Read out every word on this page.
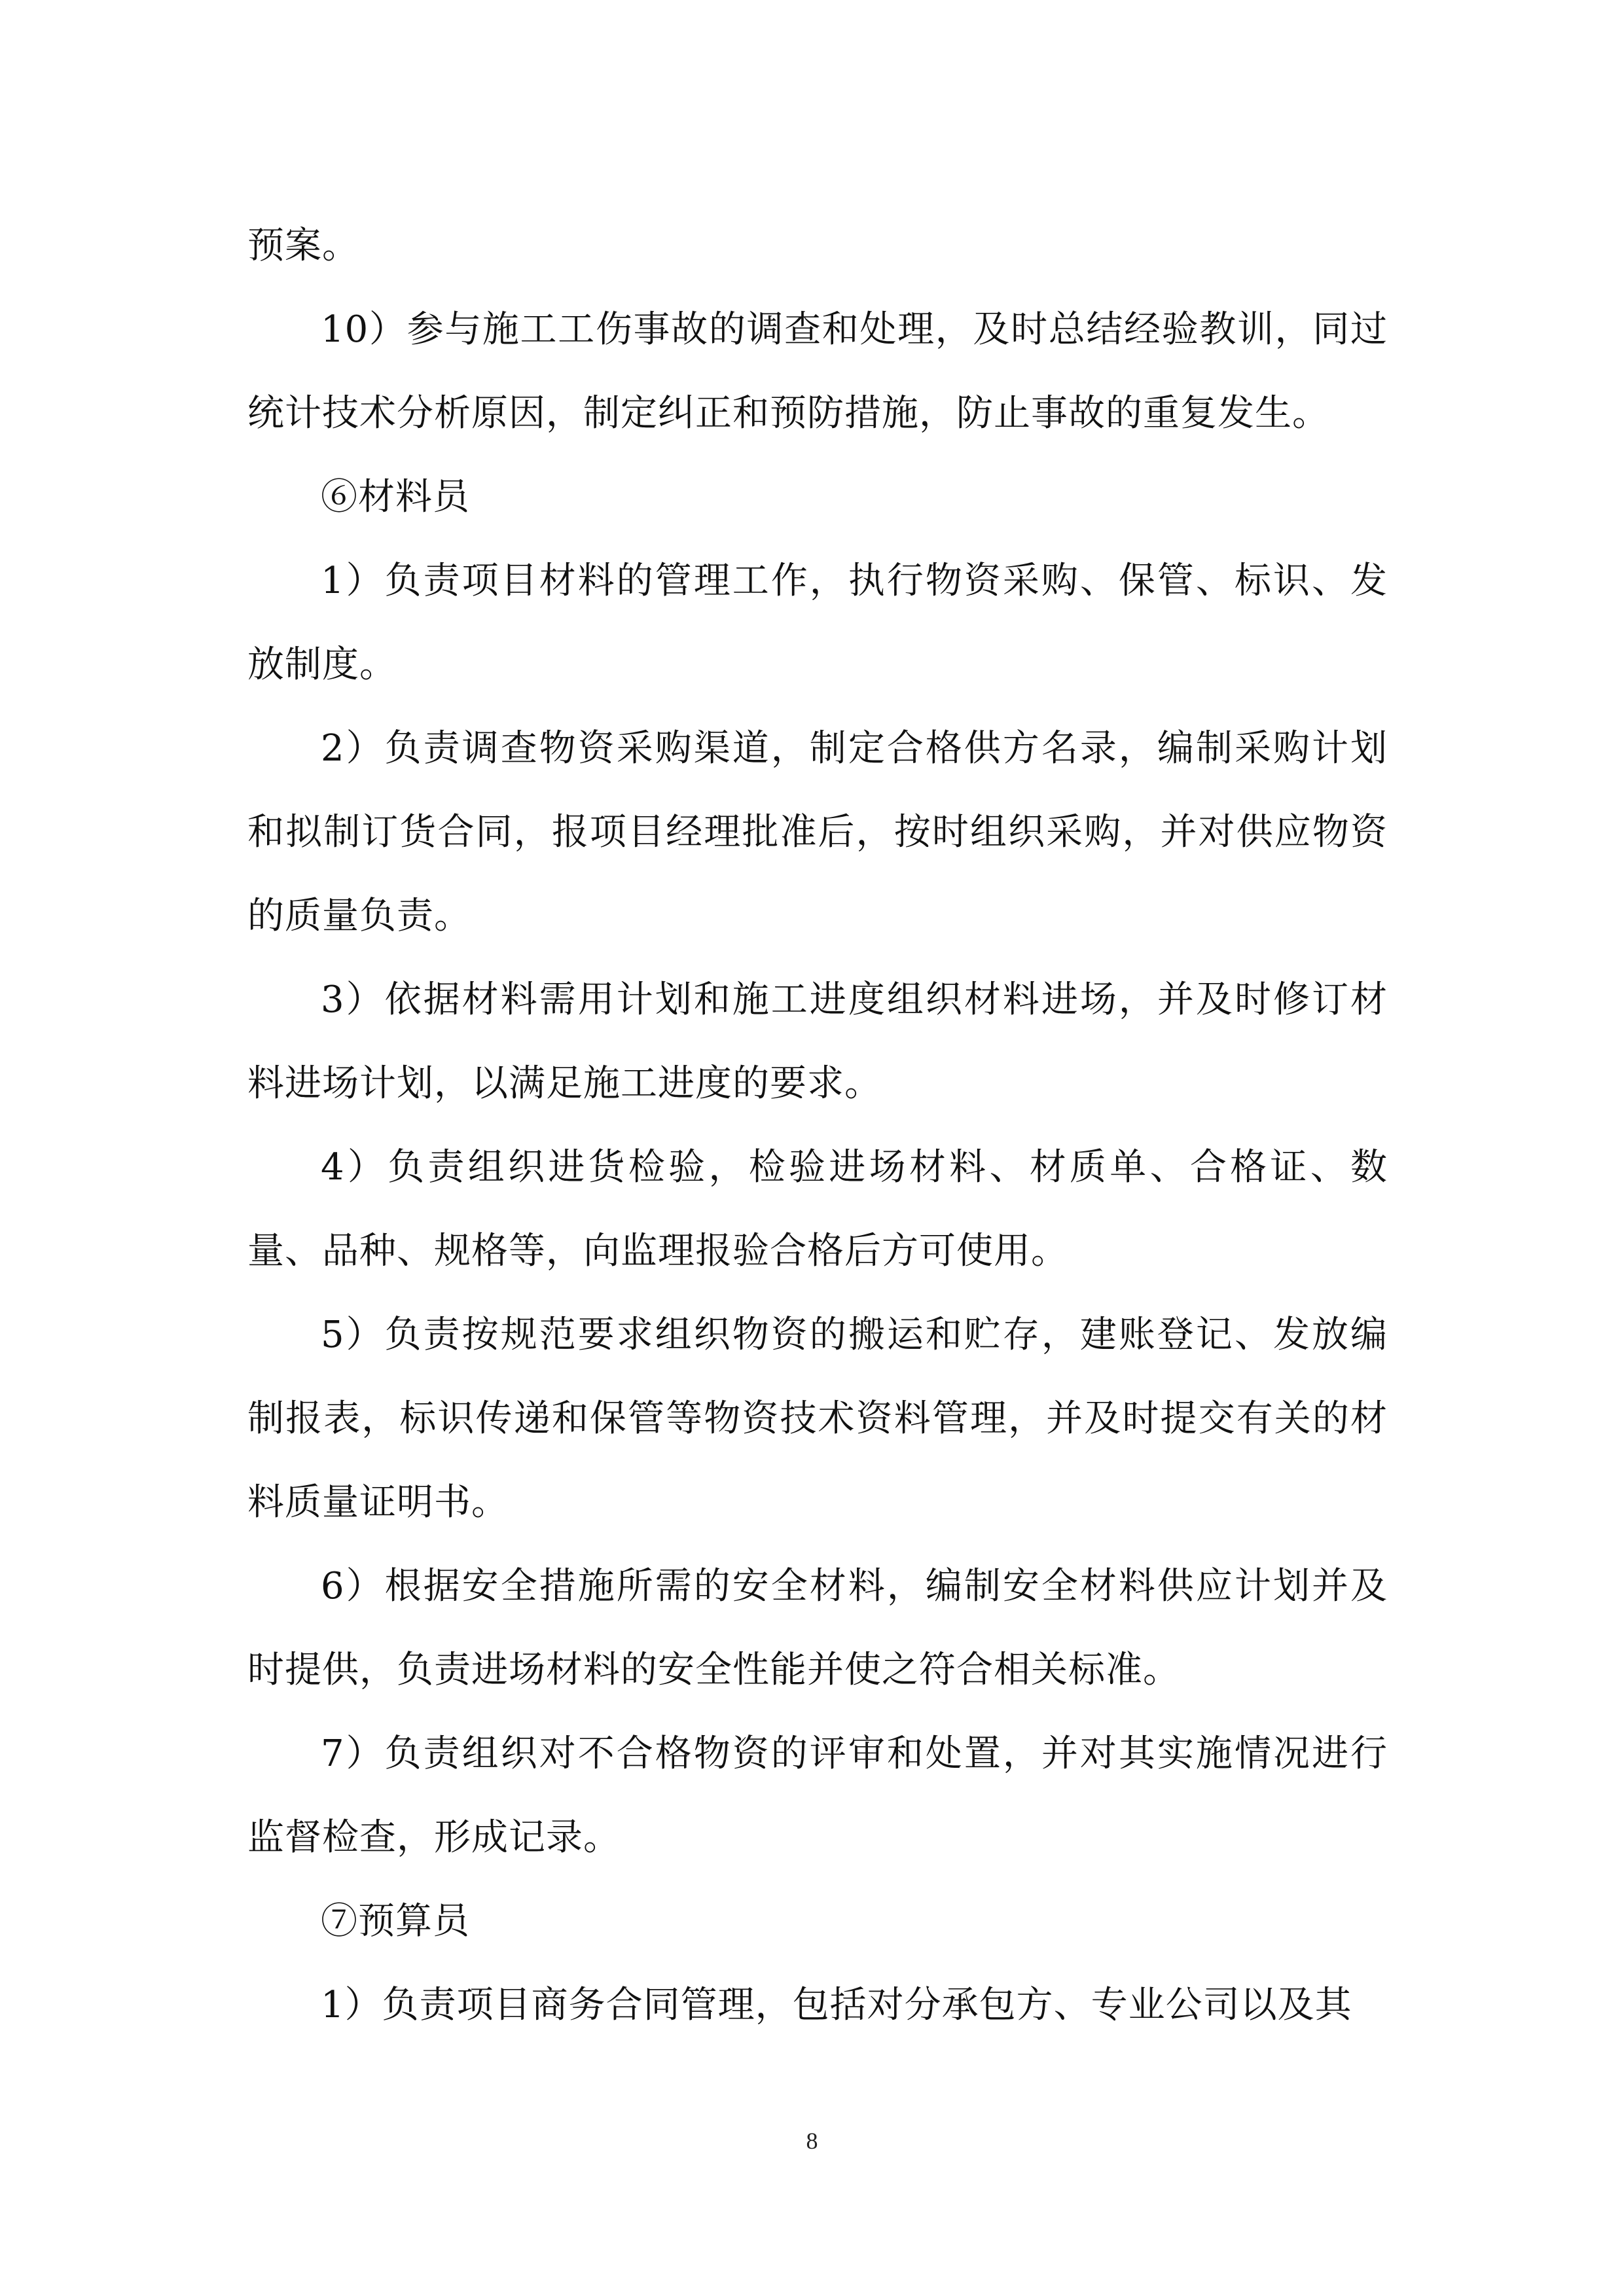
预案。

10）参与施工工伤事故的调查和处理，及时总结经验教训，同过统计技术分析原因，制定纠正和预防措施，防止事故的重复发生。

⑥材料员

1）负责项目材料的管理工作，执行物资采购、保管、标识、发放制度。

2）负责调查物资采购渠道，制定合格供方名录，编制采购计划和拟制订货合同，报项目经理批准后，按时组织采购，并对供应物资的质量负责。

3）依据材料需用计划和施工进度组织材料进场，并及时修订材料进场计划，以满足施工进度的要求。

4）负责组织进货检验，检验进场材料、材质单、合格证、数量、品种、规格等，向监理报验合格后方可使用。

5）负责按规范要求组织物资的搬运和贮存，建账登记、发放编制报表，标识传递和保管等物资技术资料管理，并及时提交有关的材料质量证明书。

6）根据安全措施所需的安全材料，编制安全材料供应计划并及时提供，负责进场材料的安全性能并使之符合相关标准。

7）负责组织对不合格物资的评审和处置，并对其实施情况进行监督检查，形成记录。

⑦预算员

1）负责项目商务合同管理，包括对分承包方、专业公司以及其

8
